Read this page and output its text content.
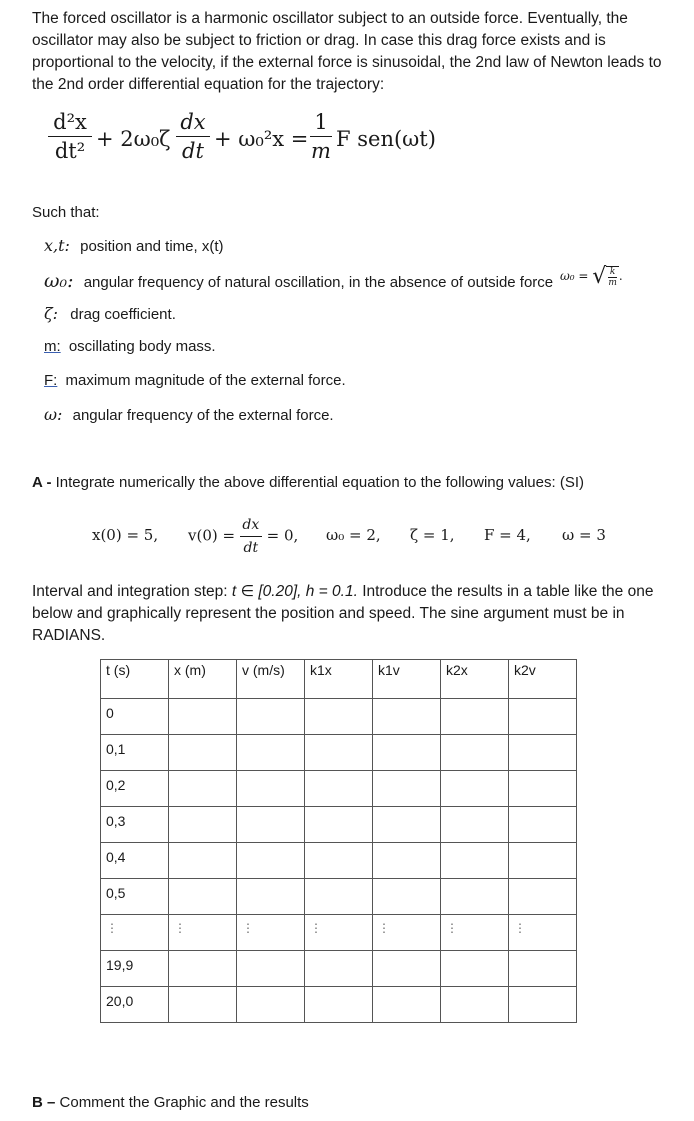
The forced oscillator is a harmonic oscillator subject to an outside force. Eventually, the oscillator may also be subject to friction or drag. In case this drag force exists and is proportional to the velocity, if the external force is sinusoidal, the 2nd law of Newton leads to the 2nd order differential equation for the trajectory:

d²x
dt² + 2ω₀ζ
dx
dt + ω₀²x =
1
m F sen(ωt)
Such that:
x,t: position and time, x(t)
ω₀: angular frequency of natural oscillation, in the absence of outside force
ζ: drag coefficient.
m: oscillating body mass.
F: maximum magnitude of the external force.
ω: angular frequency of the external force.
ω₀ = √ $\frac{k}{m}$ .
A - Integrate numerically the above differential equation to the following values: (SI)
x(0) = 5, $v(0) = \frac{dx}{dt} = 0$, ω₀ = 2, ζ = 1, F = 4, ω = 3

Interval and integration step: t ∈ [0.20], h = 0.1. Introduce the results in a table like the one below and graphically represent the position and speed. The sine argument must be in RADIANS.

t (s)	x (m)	v (m/s)	k1x	k1v	k2x	k2v
0						
0,1						
0,2						
0,3						
0,4						
0,5						
⋮	⋮	⋮	⋮	⋮	⋮	⋮
19,9						
20,0						
B – Comment the Graphic and the results
